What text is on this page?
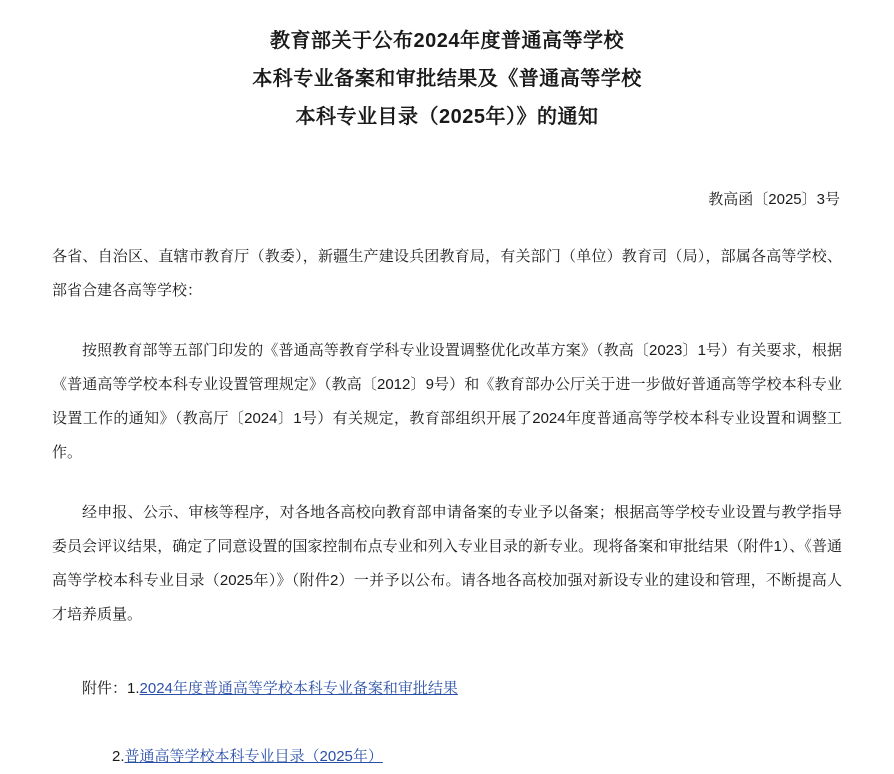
教育部关于公布2024年度普通高等学校
本科专业备案和审批结果及《普通高等学校
本科专业目录（2025年）》的通知
教高函〔2025〕3号
各省、自治区、直辖市教育厅（教委），新疆生产建设兵团教育局，有关部门（单位）教育司（局），部属各高等学校、部省合建各高等学校：
按照教育部等五部门印发的《普通高等教育学科专业设置调整优化改革方案》（教高〔2023〕1号）有关要求，根据《普通高等学校本科专业设置管理规定》（教高〔2012〕9号）和《教育部办公厅关于进一步做好普通高等学校本科专业设置工作的通知》（教高厅〔2024〕1号）有关规定，教育部组织开展了2024年度普通高等学校本科专业设置和调整工作。
经申报、公示、审核等程序，对各地各高校向教育部申请备案的专业予以备案；根据高等学校专业设置与教学指导委员会评议结果，确定了同意设置的国家控制布点专业和列入专业目录的新专业。现将备案和审批结果（附件1）、《普通高等学校本科专业目录（2025年）》（附件2）一并予以公布。请各地各高校加强对新设专业的建设和管理，不断提高人才培养质量。
附件：1.2024年度普通高等学校本科专业备案和审批结果
2.普通高等学校本科专业目录（2025年）
